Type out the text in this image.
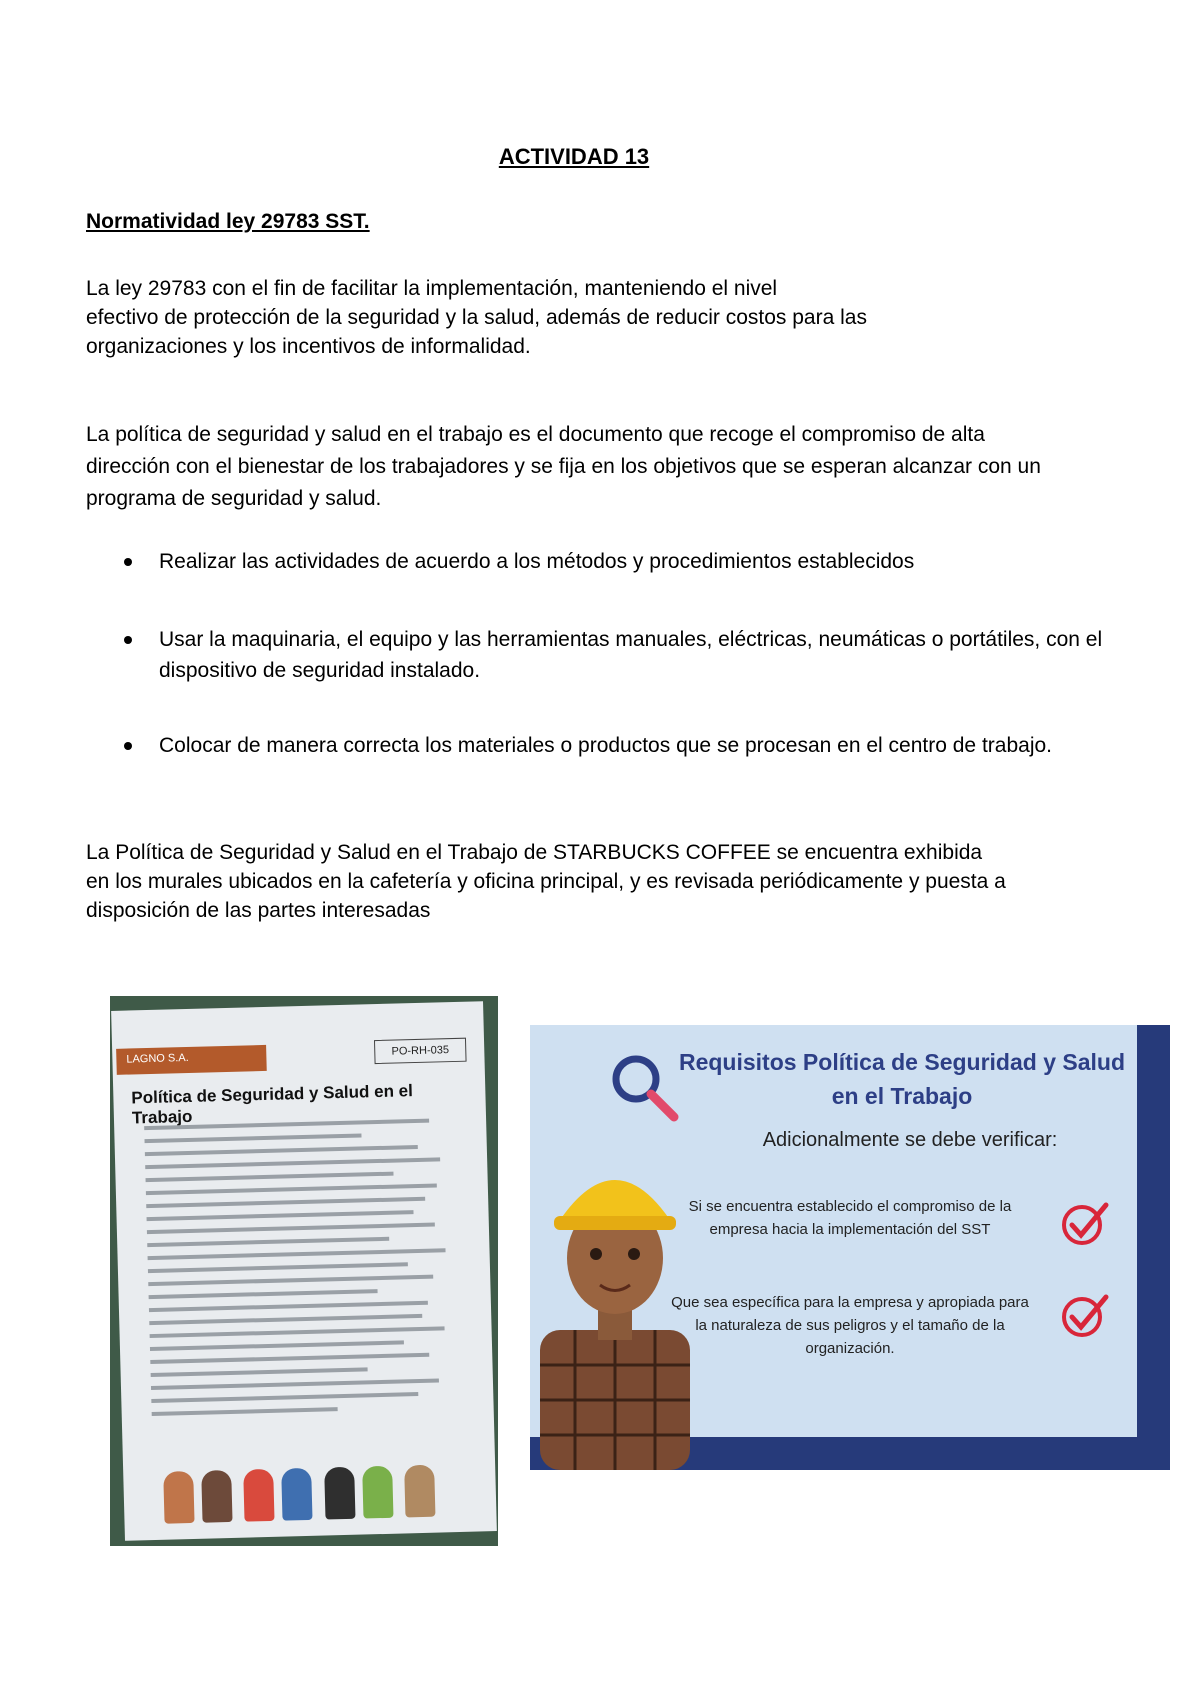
ACTIVIDAD 13
Normatividad ley 29783 SST.

La ley 29783 con el fin de facilitar la implementación, manteniendo el nivel
efectivo de protección de la seguridad y la salud, además de reducir costos para las
organizaciones y los incentivos de informalidad.

La política de seguridad y salud en el trabajo es el documento que recoge el compromiso de alta dirección con el bienestar de los trabajadores y se fija en los objetivos que se esperan alcanzar con un programa de seguridad y salud.

Realizar las actividades de acuerdo a los métodos y procedimientos establecidos
Usar la maquinaria, el equipo y las herramientas manuales, eléctricas, neumáticas o portátiles, con el dispositivo de seguridad instalado.
Colocar de manera correcta los materiales o productos que se procesan en el centro de trabajo.

La Política de Seguridad y Salud en el Trabajo de STARBUCKS COFFEE se encuentra exhibida en los murales ubicados en la cafetería y oficina principal, y es revisada periódicamente y puesta a disposición de las partes interesadas

LAGNO S.A.
PO-RH-035
Política de Seguridad y Salud en el Trabajo

Requisitos Política de Seguridad y Salud en el Trabajo
Adicionalmente se debe verificar:
Si se encuentra establecido el compromiso de la empresa hacia la implementación del SST
Que sea específica para la empresa y apropiada para la naturaleza de sus peligros y el tamaño de la organización.
